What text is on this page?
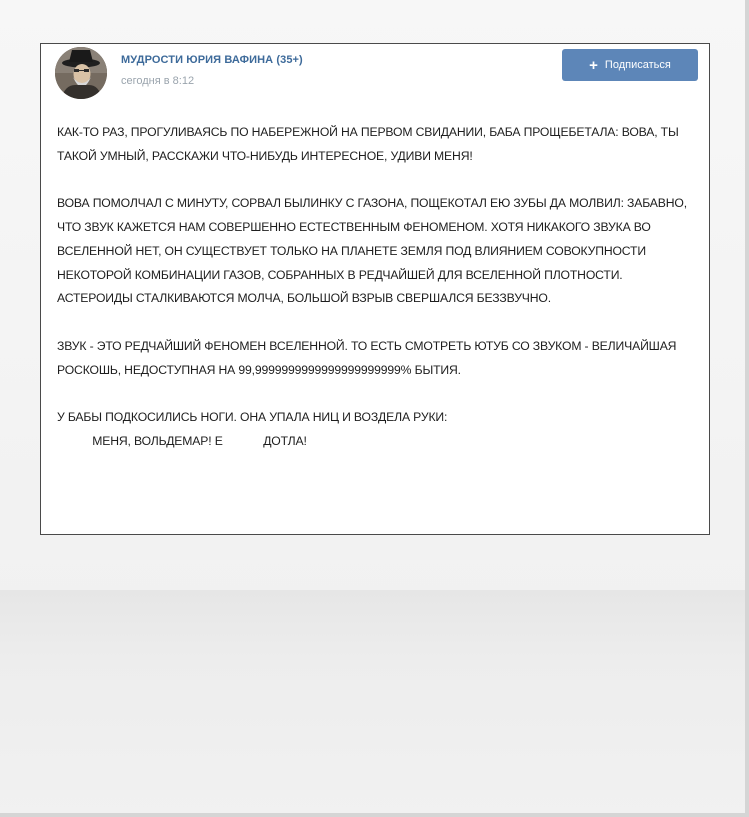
МУДРОСТИ ЮРИЯ ВАФИНА (35+)
сегодня в 8:12
+ Подписаться

КАК-ТО РАЗ, ПРОГУЛИВАЯСЬ ПО НАБЕРЕЖНОЙ НА ПЕРВОМ СВИДАНИИ, БАБА ПРОЩЕБЕТАЛА: ВОВА, ТЫ ТАКОЙ УМНЫЙ, РАССКАЖИ ЧТО-НИБУДЬ ИНТЕРЕСНОЕ, УДИВИ МЕНЯ!

ВОВА ПОМОЛЧАЛ С МИНУТУ, СОРВАЛ БЫЛИНКУ С ГАЗОНА, ПОЩЕКОТАЛ ЕЮ ЗУБЫ ДА МОЛВИЛ: ЗАБАВНО, ЧТО ЗВУК КАЖЕТСЯ НАМ СОВЕРШЕННО ЕСТЕСТВЕННЫМ ФЕНОМЕНОМ. ХОТЯ НИКАКОГО ЗВУКА ВО ВСЕЛЕННОЙ НЕТ, ОН СУЩЕСТВУЕТ ТОЛЬКО НА ПЛАНЕТЕ ЗЕМЛЯ ПОД ВЛИЯНИЕМ СОВОКУПНОСТИ НЕКОТОРОЙ КОМБИНАЦИИ ГАЗОВ, СОБРАННЫХ В РЕДЧАЙШЕЙ ДЛЯ ВСЕЛЕННОЙ ПЛОТНОСТИ. АСТЕРОИДЫ СТАЛКИВАЮТСЯ МОЛЧА, БОЛЬШОЙ ВЗРЫВ СВЕРШАЛСЯ БЕЗЗВУЧНО.

ЗВУК - ЭТО РЕДЧАЙШИЙ ФЕНОМЕН ВСЕЛЕННОЙ. ТО ЕСТЬ СМОТРЕТЬ ЮТУБ СО ЗВУКОМ - ВЕЛИЧАЙШАЯ РОСКОШЬ, НЕДОСТУПНАЯ НА 99,9999999999999999999999% БЫТИЯ.

У БАБЫ ПОДКОСИЛИСЬ НОГИ. ОНА УПАЛА НИЦ И ВОЗДЕЛА РУКИ:

МЕНЯ, ВОЛЬДЕМАР! Е	ДОТЛА!
